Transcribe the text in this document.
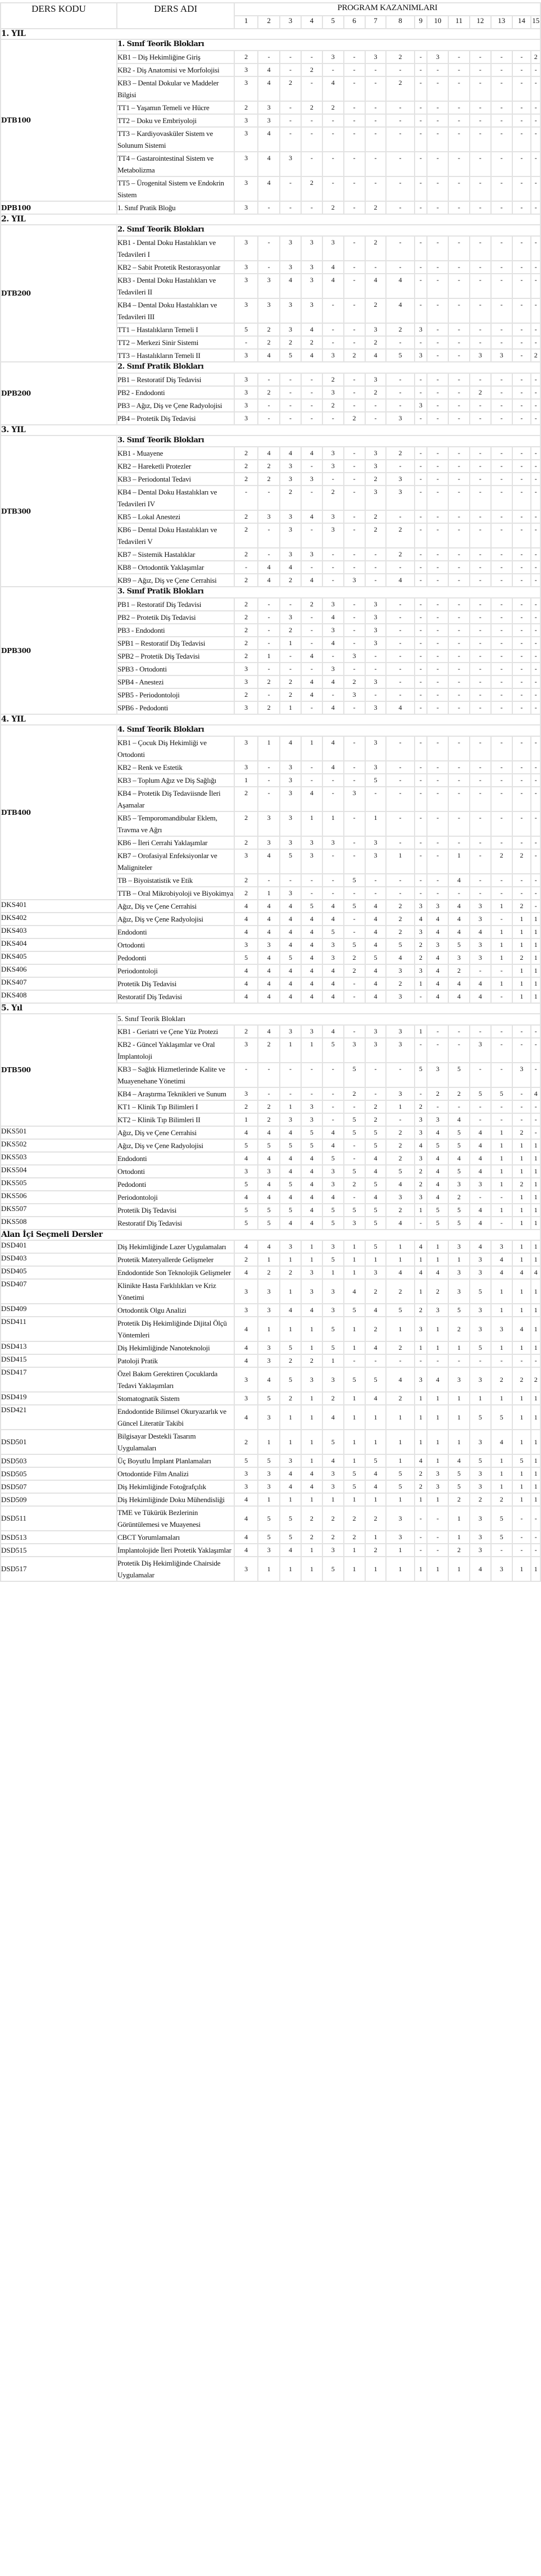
DERS KODU	DERS ADI	PROGRAM KAZANIMLARI														
		1	2	3	4	5	6	7	8	9	10	11	12	13	14	15
1. YIL																
DTB100	1. Sınıf Teorik Blokları															
	KB1 – Diş Hekimliğine Giriş	2	-	-	-	3	-	3	2	-	3	-	-	-	-	2
	KB2 - Diş Anatomisi ve Morfolojisi	3	4	-	2	-	-	-	-	-	-	-	-	-	-	-
	KB3 – Dental Dokular ve Maddeler Bilgisi	3	4	2	-	4	-	-	2	-	-	-	-	-	-	-
	TT1 – Yaşamın Temeli ve Hücre	2	3	-	2	2	-	-	-	-	-	-	-	-	-	-
	TT2 – Doku ve Embriyoloji	3	3	-	-	-	-	-	-	-	-	-	-	-	-	-
	TT3 – Kardiyovasküler Sistem ve Solunum Sistemi	3	4	-	-	-	-	-	-	-	-	-	-	-	-	-
	TT4 – Gastarointestinal Sistem ve Metabolizma	3	4	3	-	-	-	-	-	-	-	-	-	-	-	-
	TT5 – Ürogenital Sistem ve Endokrin Sistem	3	4	-	2	-	-	-	-	-	-	-	-	-	-	-
DPB100	1. Sınıf Pratik Bloğu	3	-	-	-	2	-	2	-	-	-	-	-	-	-	-
2. YIL																
DTB200	2. Sınıf Teorik Blokları															
	KB1 - Dental Doku Hastalıkları ve Tedavileri I	3	-	3	3	3	-	2	-	-	-	-	-	-	-	-
	KB2 – Sabit Protetik Restorasyonlar	3	-	3	3	4	-	-	-	-	-	-	-	-	-	-
	KB3 - Dental Doku Hastalıkları ve Tedavileri II	3	3	4	3	4	-	4	4	-	-	-	-	-	-	-
	KB4 – Dental Doku Hastalıkları ve Tedavileri III	3	3	3	3	-	-	2	4	-	-	-	-	-	-	-
	TT1 – Hastalıkların Temeli I	5	2	3	4	-	-	3	2	3	-	-	-	-	-	-
	TT2 – Merkezi Sinir Sistemi	-	2	2	2	-	-	2	-	-	-	-	-	-	-	-
	TT3 – Hastalıkların Temeli II	3	4	5	4	3	2	4	5	3	-	-	3	3	-	2
DPB200	2. Sınıf Pratik Blokları															
	PB1 – Restoratif Diş Tedavisi	3	-	-	-	2	-	3	-	-	-	-	-	-	-	-
	PB2 - Endodonti	3	2	-	-	3	-	2	-	-	-	-	2	-	-	-
	PB3 – Ağız, Diş ve Çene Radyolojisi	3	-	-	-	2	-	-	-	3	-	-	-	-	-	-
	PB4 – Protetik Diş Tedavisi	3	-	-	-	-	2	-	3	-	-	-	-	-	-	-
3. YIL																
DTB300	3. Sınıf Teorik Blokları															
	KB1 - Muayene	2	4	4	4	3	-	3	2	-	-	-	-	-	-	-
	KB2 – Hareketli Protezler	2	2	3	-	3	-	3	-	-	-	-	-	-	-	-
	KB3 – Periodontal Tedavi	2	2	3	3	-	-	2	3	-	-	-	-	-	-	-
	KB4 – Dental Doku Hastalıkları ve Tedavileri IV	-	-	2	-	2	-	3	3	-	-	-	-	-	-	-
	KB5 – Lokal Anestezi	2	3	3	4	3	-	2	-	-	-	-	-	-	-	-
	KB6 – Dental Doku Hastalıkları ve Tedavileri V	2	-	3	-	3	-	2	2	-	-	-	-	-	-	-
	KB7 – Sistemik Hastalıklar	2	-	3	3	-	-	-	2	-	-	-	-	-	-	-
	KB8 – Ortodontik Yaklaşımlar	-	4	4	-	-	-	-	-	-	-	-	-	-	-	-
	KB9 – Ağız, Diş ve Çene Cerrahisi	2	4	2	4	-	3	-	4	-	-	-	-	-	-	-
DPB300	3. Sınıf Pratik Blokları															
	PB1 – Restoratif Diş Tedavisi	2	-	-	2	3	-	3	-	-	-	-	-	-	-	-
	PB2 – Protetik Diş Tedavisi	2	-	3	-	4	-	3	-	-	-	-	-	-	-	-
	PB3 - Endodonti	2	-	2	-	3	-	3	-	-	-	-	-	-	-	-
	SPB1 – Restoratif Diş Tedavisi	2	-	1	-	4	-	3	-	-	-	-	-	-	-	-
	SPB2 – Protetik Diş Tedavisi	2	1	-	4	-	3	-	-	-	-	-	-	-	-	-
	SPB3 - Ortodonti	3	-	-	-	3	-	-	-	-	-	-	-	-	-	-
	SPB4 - Anestezi	3	2	2	4	4	2	3	-	-	-	-	-	-	-	-
	SPB5 - Periodontoloji	2	-	2	4	-	3	-	-	-	-	-	-	-	-	-
	SPB6 - Pedodonti	3	2	1	-	4	-	3	4	-	-	-	-	-	-	-
4. YIL																
DTB400	4. Sınıf Teorik Blokları															
	KB1 – Çocuk Diş Hekimliği ve Ortodonti	3	1	4	1	4	-	3	-	-	-	-	-	-	-	-
	KB2 – Renk ve Estetik	3	-	3	-	4	-	3	-	-	-	-	-	-	-	-
	KB3 – Toplum Ağız ve Diş Sağlığı	1	-	3	-	-	-	5	-	-	-	-	-	-	-	-
	KB4 – Protetik Diş Tedaviisnde İleri Aşamalar	2	-	3	4	-	3	-	-	-	-	-	-	-	-	-
	KB5 – Temporomandibular Eklem, Travma ve Ağrı	2	3	3	1	1	-	1	-	-	-	-	-	-	-	-
	KB6 – İleri Cerrahi Yaklaşımlar	2	3	3	3	3	-	3	-	-	-	-	-	-	-	-
	KB7 – Orofasiyal Enfeksiyonlar ve Maligniteler	3	4	5	3	-	-	3	1	-	-	1	-	2	2	-
	TB – Biyoistatistik ve Etik	2	-	-	-	-	5	-	-	-	-	4	-	-	-	-
	TTB – Oral Mikrobiyoloji ve Biyokimya	2	1	3	-	-	-	-	-	-	-	-	-	-	-	-
DKS401	Ağız, Diş ve Çene Cerrahisi	4	4	4	5	4	5	4	2	3	3	4	3	1	2	-
DKS402	Ağız, Diş ve Çene Radyolojisi	4	4	4	4	4	-	4	2	4	4	4	3	-	1	1
DKS403	Endodonti	4	4	4	4	5	-	4	2	3	4	4	4	1	1	1
DKS404	Ortodonti	3	3	4	4	3	5	4	5	2	3	5	3	1	1	1
DKS405	Pedodonti	5	4	5	4	3	2	5	4	2	4	3	3	1	2	1
DKS406	Periodontoloji	4	4	4	4	4	2	4	3	3	4	2	-	-	1	1
DKS407	Protetik Diş Tedavisi	4	4	4	4	4	-	4	2	1	4	4	4	1	1	1
DKS408	Restoratif Diş Tedavisi	4	4	4	4	4	-	4	3	-	4	4	4	-	1	1
5. Yıl																
DTB500	5. Sınıf Teorik Blokları															
	KB1 - Geriatri ve Çene Yüz Protezi	2	4	3	3	4	-	3	3	1	-	-	-	-	-	-
	KB2 - Güncel Yaklaşımlar ve Oral İmplantoloji	3	2	1	1	5	3	3	3	-	-	-	3	-	-	-
	KB3 – Sağlık Hizmetlerinde Kalite ve Muayenehane Yönetimi	-	-	-	-	-	5	-	-	5	3	5	-	-	3	-
	KB4 – Araştırma Teknikleri ve Sunum	3	-	-	-	-	2	-	3	-	2	2	5	5	-	4
	KT1 – Klinik Tıp Bilimleri I	2	2	1	3	-	-	2	1	2	-	-	-	-	-	-
	KT2 – Klinik Tıp Bilimleri II	1	2	3	3	-	5	2	-	3	3	4	-	-	-	-
DKS501	Ağız, Diş ve Çene Cerrahisi	4	4	4	5	4	5	5	2	3	4	5	4	1	2	-
DKS502	Ağız, Diş ve Çene Radyolojisi	5	5	5	5	4	-	5	2	4	5	5	4	1	1	1
DKS503	Endodonti	4	4	4	4	5	-	4	2	3	4	4	4	1	1	1
DKS504	Ortodonti	3	3	4	4	3	5	4	5	2	4	5	4	1	1	1
DKS505	Pedodonti	5	4	5	4	3	2	5	4	2	4	3	3	1	2	1
DKS506	Periodontoloji	4	4	4	4	4	-	4	3	3	4	2	-	-	1	1
DKS507	Protetik Diş Tedavisi	5	5	5	4	5	5	5	2	1	5	5	4	1	1	1
DKS508	Restoratif Diş Tedavisi	5	5	4	4	5	3	5	4	-	5	5	4	-	1	1
Alan İçi Seçmeli Dersler																
DSD401	Diş Hekimliğinde Lazer Uygulamaları	4	4	3	1	3	1	5	1	4	1	3	4	3	1	1
DSD403	Protetik Materyallerde Gelişmeler	2	1	1	1	5	1	1	1	1	1	1	3	4	1	1
DSD405	Endodontide Son Teknolojik Gelişmeler	4	2	2	3	1	1	3	4	4	4	3	3	4	4	4
DSD407	Klinikte Hasta Farklılıkları ve Kriz Yönetimi	3	3	1	3	3	4	2	2	1	2	3	5	1	1	1
DSD409	Ortodontik Olgu Analizi	3	3	4	4	3	5	4	5	2	3	5	3	1	1	1
DSD411	Protetik Diş Hekimliğinde Dijital Ölçü Yöntemleri	4	1	1	1	5	1	2	1	3	1	2	3	3	4	1
DSD413	Diş Hekimliğinde Nanoteknoloji	4	3	5	1	5	1	4	2	1	1	1	5	1	1	1
DSD415	Patoloji Pratik	4	3	2	2	1	-	-	-	-	-	-	-	-	-	-
DSD417	Özel Bakım Gerektiren Çocuklarda Tedavi Yaklaşımları	3	4	5	3	3	5	5	4	3	4	3	3	2	2	2
DSD419	Stomatognatik Sistem	3	5	2	1	2	1	4	2	1	1	1	1	1	1	1
DSD421	Endodontide Bilimsel Okuryazarlık ve Güncel Literatür Takibi	4	3	1	1	4	1	1	1	1	1	1	5	5	1	1
DSD501	Bilgisayar Destekli Tasarım Uygulamaları	2	1	1	1	5	1	1	1	1	1	1	3	4	1	1
DSD503	Üç Boyutlu İmplant Planlamaları	5	5	3	1	4	1	5	1	4	1	4	5	1	5	1
DSD505	Ortodontide Film Analizi	3	3	4	4	3	5	4	5	2	3	5	3	1	1	1
DSD507	Diş Hekimliğinde Fotoğrafçılık	3	3	4	4	3	5	4	5	2	3	5	3	1	1	1
DSD509	Diş Hekimliğinde Doku Mühendisliği	4	1	1	1	1	1	1	1	1	1	2	2	2	1	1
DSD511	TME ve Tükürük Bezlerinin Görüntülemesi ve Muayenesi	4	5	5	2	2	2	2	3	-	-	1	3	5	-	-
DSD513	CBCT Yorumlamaları	4	5	5	2	2	2	1	3	-	-	1	3	5	-	-
DSD515	İmplantolojide İleri Protetik Yaklaşımlar	4	3	4	1	3	1	2	1	-	-	2	3	-	-	-
DSD517	Protetik Diş Hekimliğinde Chairside Uygulamalar	3	1	1	1	5	1	1	1	1	1	1	4	3	1	1
